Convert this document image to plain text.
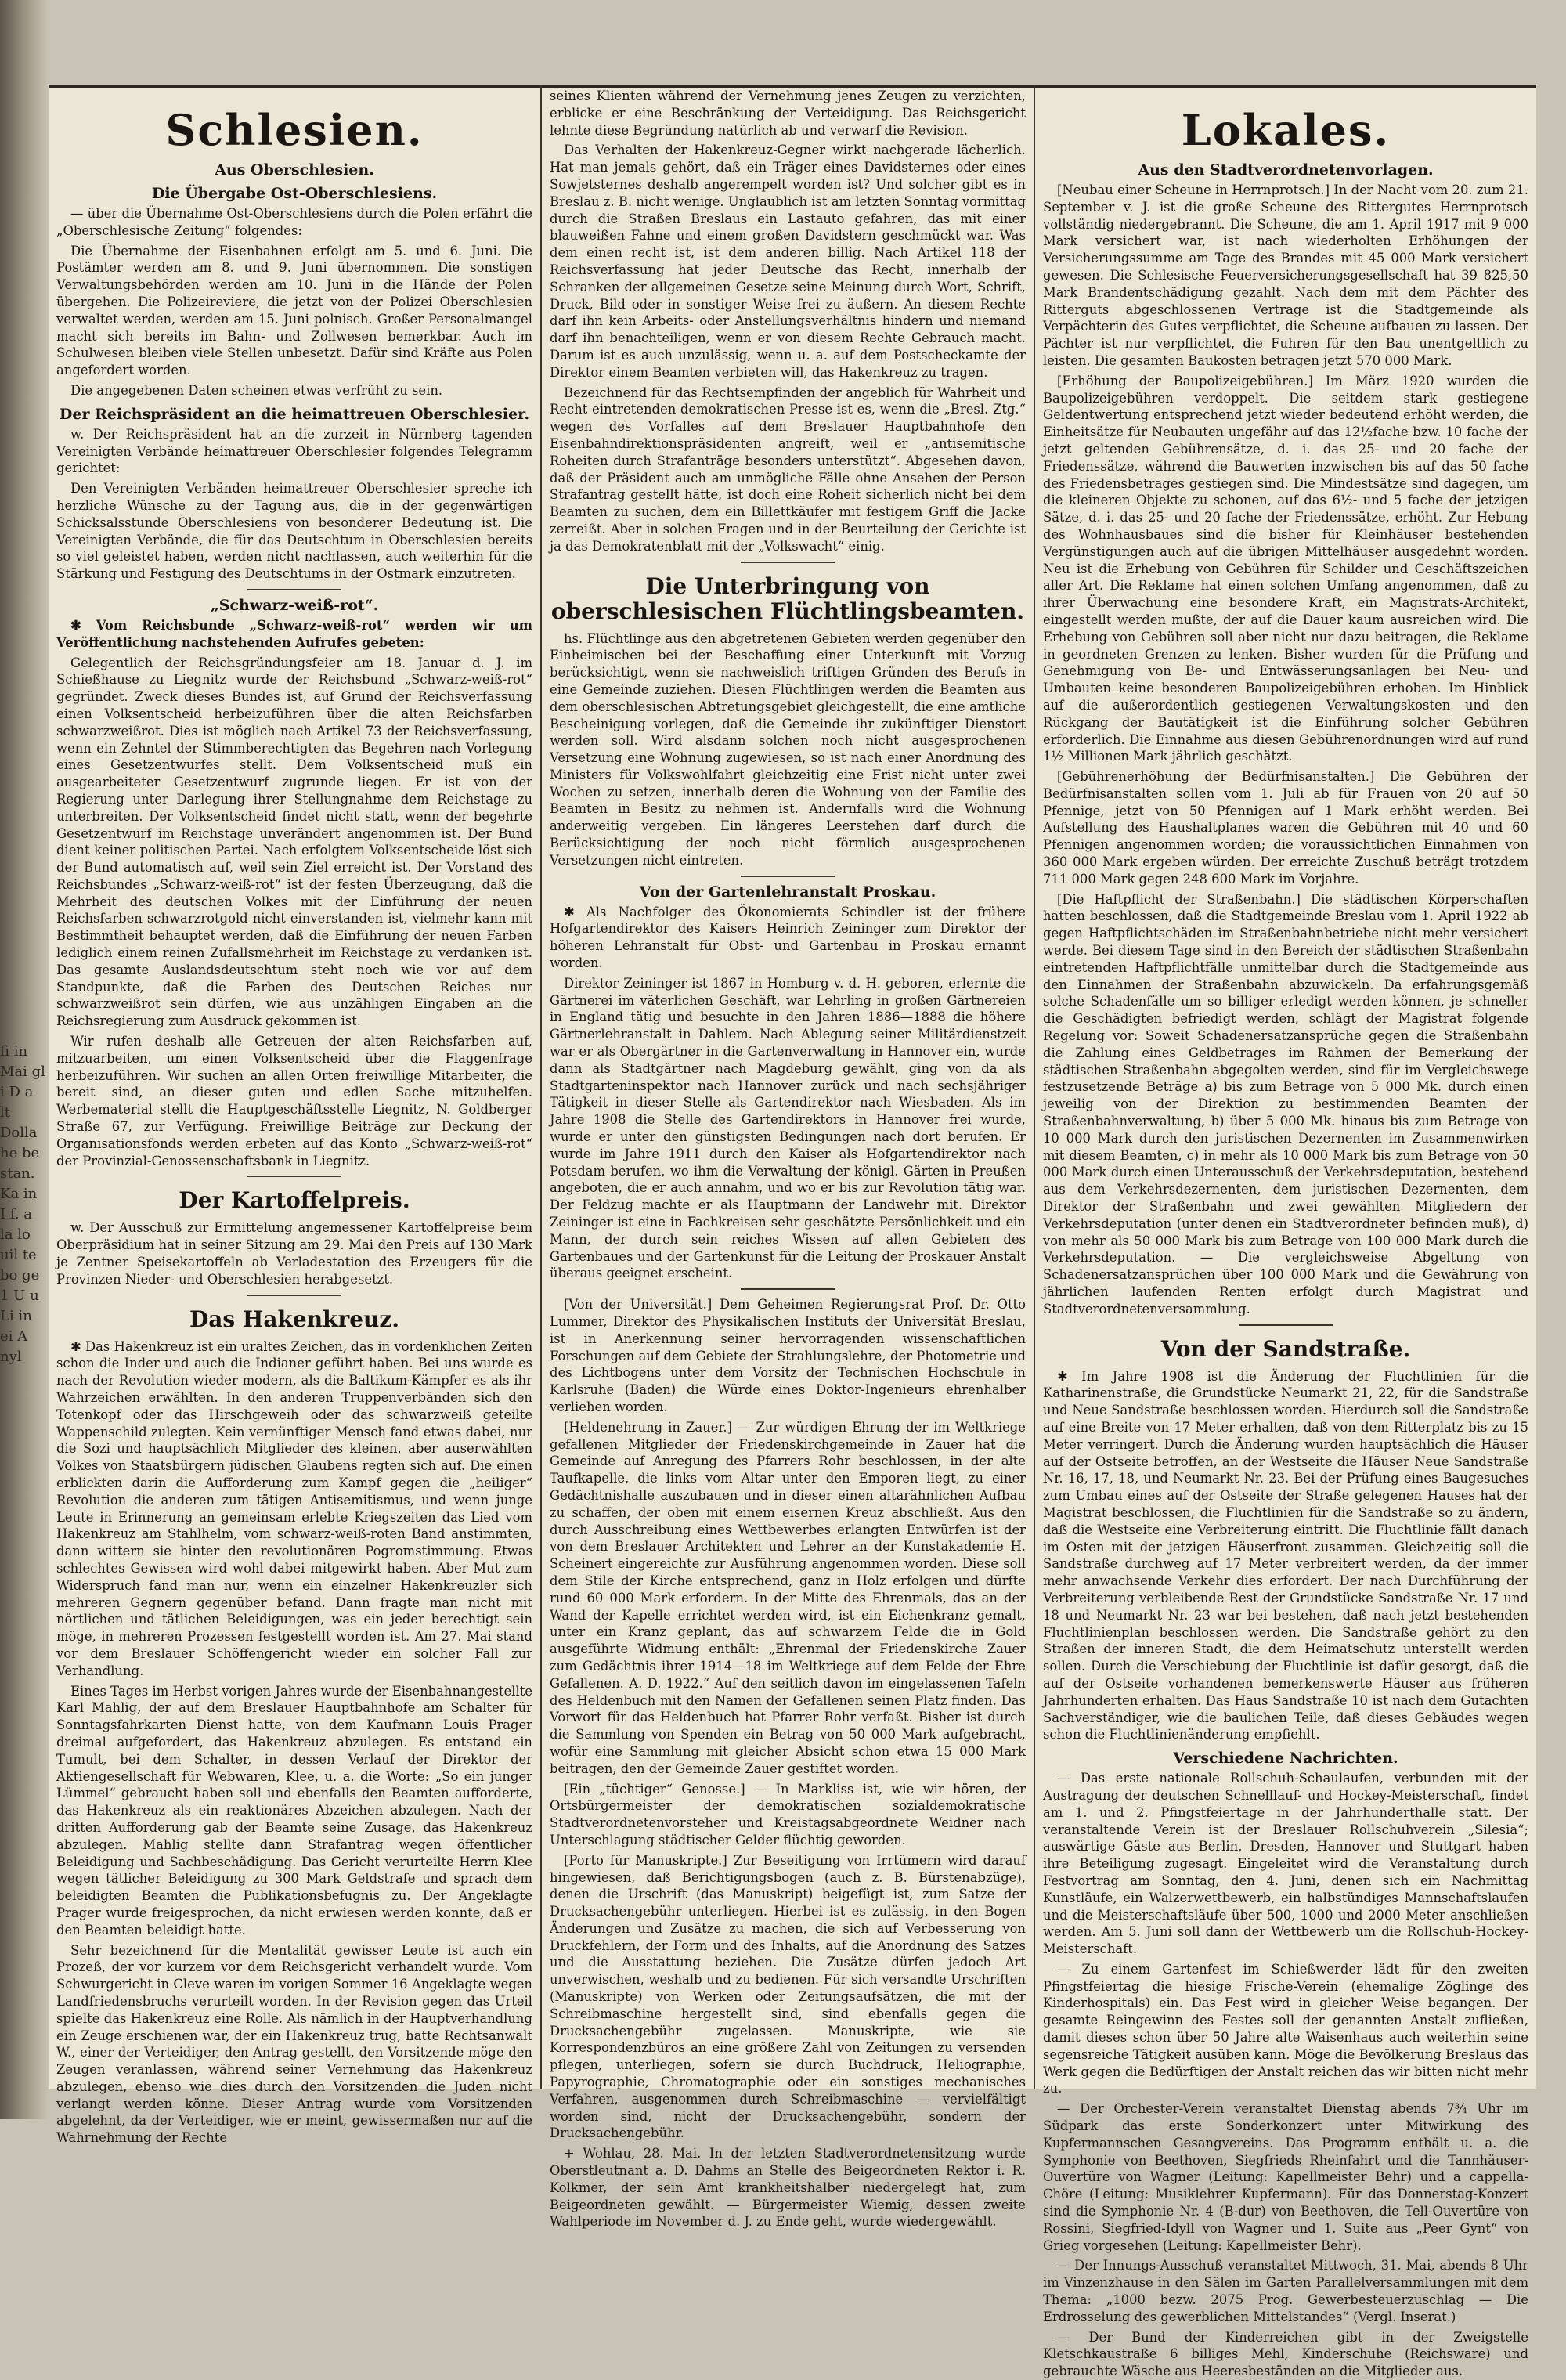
fi in Mai gl i D a lt Dolla he be stan. Ka in I f. a la lo uil te bo ge 1 U u Li in ei A nyl
Schlesien.
Aus Oberschlesien.
Die Übergabe Ost-Oberschlesiens.

— über die Übernahme Ost-Oberschlesiens durch die Polen erfährt die „Oberschlesische Zeitung“ folgendes:

Die Übernahme der Eisenbahnen erfolgt am 5. und 6. Juni. Die Postämter werden am 8. und 9. Juni übernommen. Die sonstigen Verwaltungsbehörden werden am 10. Juni in die Hände der Polen übergehen. Die Polizeireviere, die jetzt von der Polizei Oberschlesien verwaltet werden, werden am 15. Juni polnisch. Großer Personalmangel macht sich bereits im Bahn- und Zollwesen bemerkbar. Auch im Schulwesen bleiben viele Stellen unbesetzt. Dafür sind Kräfte aus Polen angefordert worden.

Die angegebenen Daten scheinen etwas verfrüht zu sein.

Der Reichspräsident an die heimattreuen Oberschlesier.

w. Der Reichspräsident hat an die zurzeit in Nürnberg tagenden Vereinigten Verbände heimattreuer Oberschlesier folgendes Telegramm gerichtet:

Den Vereinigten Verbänden heimattreuer Oberschlesier spreche ich herzliche Wünsche zu der Tagung aus, die in der gegenwärtigen Schicksalsstunde Oberschlesiens von besonderer Bedeutung ist. Die Vereinigten Verbände, die für das Deutschtum in Oberschlesien bereits so viel geleistet haben, werden nicht nachlassen, auch weiterhin für die Stärkung und Festigung des Deutschtums in der Ostmark einzutreten.

„Schwarz-weiß-rot“.

✱ Vom Reichsbunde „Schwarz-weiß-rot“ werden wir um Veröffentlichung nachstehenden Aufrufes gebeten:

Gelegentlich der Reichsgründungsfeier am 18. Januar d. J. im Schießhause zu Liegnitz wurde der Reichsbund „Schwarz-weiß-rot“ gegründet. Zweck dieses Bundes ist, auf Grund der Reichsverfassung einen Volksentscheid herbeizuführen über die alten Reichsfarben schwarzweißrot. Dies ist möglich nach Artikel 73 der Reichsverfassung, wenn ein Zehntel der Stimmberechtigten das Begehren nach Vorlegung eines Gesetzentwurfes stellt. Dem Volksentscheid muß ein ausgearbeiteter Gesetzentwurf zugrunde liegen. Er ist von der Regierung unter Darlegung ihrer Stellungnahme dem Reichstage zu unterbreiten. Der Volksentscheid findet nicht statt, wenn der begehrte Gesetzentwurf im Reichstage unverändert angenommen ist. Der Bund dient keiner politischen Partei. Nach erfolgtem Volksentscheide löst sich der Bund automatisch auf, weil sein Ziel erreicht ist. Der Vorstand des Reichsbundes „Schwarz-weiß-rot“ ist der festen Überzeugung, daß die Mehrheit des deutschen Volkes mit der Einführung der neuen Reichsfarben schwarzrotgold nicht einverstanden ist, vielmehr kann mit Bestimmtheit behauptet werden, daß die Einführung der neuen Farben lediglich einem reinen Zufallsmehrheit im Reichstage zu verdanken ist. Das gesamte Auslandsdeutschtum steht noch wie vor auf dem Standpunkte, daß die Farben des Deutschen Reiches nur schwarzweißrot sein dürfen, wie aus unzähligen Eingaben an die Reichsregierung zum Ausdruck gekommen ist.

Wir rufen deshalb alle Getreuen der alten Reichsfarben auf, mitzuarbeiten, um einen Volksentscheid über die Flaggenfrage herbeizuführen. Wir suchen an allen Orten freiwillige Mitarbeiter, die bereit sind, an dieser guten und edlen Sache mitzuhelfen. Werbematerial stellt die Hauptgeschäftsstelle Liegnitz, N. Goldberger Straße 67, zur Verfügung. Freiwillige Beiträge zur Deckung der Organisationsfonds werden erbeten auf das Konto „Schwarz-weiß-rot“ der Provinzial-Genossenschaftsbank in Liegnitz.

Der Kartoffelpreis.

w. Der Ausschuß zur Ermittelung angemessener Kartoffelpreise beim Oberpräsidium hat in seiner Sitzung am 29. Mai den Preis auf 130 Mark je Zentner Speisekartoffeln ab Verladestation des Erzeugers für die Provinzen Nieder- und Oberschlesien herabgesetzt.

Das Hakenkreuz.

✱ Das Hakenkreuz ist ein uraltes Zeichen, das in vordenklichen Zeiten schon die Inder und auch die Indianer geführt haben. Bei uns wurde es nach der Revolution wieder modern, als die Baltikum-Kämpfer es als ihr Wahrzeichen erwählten. In den anderen Truppenverbänden sich den Totenkopf oder das Hirschgeweih oder das schwarzweiß geteilte Wappenschild zulegten. Kein vernünftiger Mensch fand etwas dabei, nur die Sozi und hauptsächlich Mitglieder des kleinen, aber auserwählten Volkes von Staatsbürgern jüdischen Glaubens regten sich auf. Die einen erblickten darin die Aufforderung zum Kampf gegen die „heiliger“ Revolution die anderen zum tätigen Antisemitismus, und wenn junge Leute in Erinnerung an gemeinsam erlebte Kriegszeiten das Lied vom Hakenkreuz am Stahlhelm, vom schwarz-weiß-roten Band anstimmten, dann wittern sie hinter den revolutionären Pogromstimmung. Etwas schlechtes Gewissen wird wohl dabei mitgewirkt haben. Aber Mut zum Widerspruch fand man nur, wenn ein einzelner Hakenkreuzler sich mehreren Gegnern gegenüber befand. Dann fragte man nicht mit nörtlichen und tätlichen Beleidigungen, was ein jeder berechtigt sein möge, in mehreren Prozessen festgestellt worden ist. Am 27. Mai stand vor dem Breslauer Schöffengericht wieder ein solcher Fall zur Verhandlung.

Eines Tages im Herbst vorigen Jahres wurde der Eisenbahnangestellte Karl Mahlig, der auf dem Breslauer Hauptbahnhofe am Schalter für Sonntagsfahrkarten Dienst hatte, von dem Kaufmann Louis Prager dreimal aufgefordert, das Hakenkreuz abzulegen. Es entstand ein Tumult, bei dem Schalter, in dessen Verlauf der Direktor der Aktiengesellschaft für Webwaren, Klee, u. a. die Worte: „So ein junger Lümmel“ gebraucht haben soll und ebenfalls den Beamten aufforderte, das Hakenkreuz als ein reaktionäres Abzeichen abzulegen. Nach der dritten Aufforderung gab der Beamte seine Zusage, das Hakenkreuz abzulegen. Mahlig stellte dann Strafantrag wegen öffentlicher Beleidigung und Sachbeschädigung. Das Gericht verurteilte Herrn Klee wegen tätlicher Beleidigung zu 300 Mark Geldstrafe und sprach dem beleidigten Beamten die Publikationsbefugnis zu. Der Angeklagte Prager wurde freigesprochen, da nicht erwiesen werden konnte, daß er den Beamten beleidigt hatte.

Sehr bezeichnend für die Mentalität gewisser Leute ist auch ein Prozeß, der vor kurzem vor dem Reichsgericht verhandelt wurde. Vom Schwurgericht in Cleve waren im vorigen Sommer 16 Angeklagte wegen Landfriedensbruchs verurteilt worden. In der Revision gegen das Urteil spielte das Hakenkreuz eine Rolle. Als nämlich in der Hauptverhandlung ein Zeuge erschienen war, der ein Hakenkreuz trug, hatte Rechtsanwalt W., einer der Verteidiger, den Antrag gestellt, den Vorsitzende möge den Zeugen veranlassen, während seiner Vernehmung das Hakenkreuz abzulegen, ebenso wie dies durch den Vorsitzenden die Juden nicht verlangt werden könne. Dieser Antrag wurde vom Vorsitzenden abgelehnt, da der Verteidiger, wie er meint, gewissermaßen nur auf die Wahrnehmung der Rechte

seines Klienten während der Vernehmung jenes Zeugen zu verzichten, erblicke er eine Beschränkung der Verteidigung. Das Reichsgericht lehnte diese Begründung natürlich ab und verwarf die Revision.

Das Verhalten der Hakenkreuz-Gegner wirkt nachgerade lächerlich. Hat man jemals gehört, daß ein Träger eines Davidsternes oder eines Sowjetsternes deshalb angerempelt worden ist? Und solcher gibt es in Breslau z. B. nicht wenige. Unglaublich ist am letzten Sonntag vormittag durch die Straßen Breslaus ein Lastauto gefahren, das mit einer blauweißen Fahne und einem großen Davidstern geschmückt war. Was dem einen recht ist, ist dem anderen billig. Nach Artikel 118 der Reichsverfassung hat jeder Deutsche das Recht, innerhalb der Schranken der allgemeinen Gesetze seine Meinung durch Wort, Schrift, Druck, Bild oder in sonstiger Weise frei zu äußern. An diesem Rechte darf ihn kein Arbeits- oder Anstellungsverhältnis hindern und niemand darf ihn benachteiligen, wenn er von diesem Rechte Gebrauch macht. Darum ist es auch unzulässig, wenn u. a. auf dem Postscheckamte der Direktor einem Beamten verbieten will, das Hakenkreuz zu tragen.

Bezeichnend für das Rechtsempfinden der angeblich für Wahrheit und Recht eintretenden demokratischen Presse ist es, wenn die „Bresl. Ztg.“ wegen des Vorfalles auf dem Breslauer Hauptbahnhofe den Eisenbahndirektionspräsidenten angreift, weil er „antisemitische Roheiten durch Strafanträge besonders unterstützt“. Abgesehen davon, daß der Präsident auch am unmögliche Fälle ohne Ansehen der Person Strafantrag gestellt hätte, ist doch eine Roheit sicherlich nicht bei dem Beamten zu suchen, dem ein Billettkäufer mit festigem Griff die Jacke zerreißt. Aber in solchen Fragen und in der Beurteilung der Gerichte ist ja das Demokratenblatt mit der „Volkswacht“ einig.

Die Unterbringung von oberschlesischen Flüchtlingsbeamten.

hs. Flüchtlinge aus den abgetretenen Gebieten werden gegenüber den Einheimischen bei der Beschaffung einer Unterkunft mit Vorzug berücksichtigt, wenn sie nachweislich triftigen Gründen des Berufs in eine Gemeinde zuziehen. Diesen Flüchtlingen werden die Beamten aus dem oberschlesischen Abtretungsgebiet gleichgestellt, die eine amtliche Bescheinigung vorlegen, daß die Gemeinde ihr zukünftiger Dienstort werden soll. Wird alsdann solchen noch nicht ausgesprochenen Versetzung eine Wohnung zugewiesen, so ist nach einer Anordnung des Ministers für Volkswohlfahrt gleichzeitig eine Frist nicht unter zwei Wochen zu setzen, innerhalb deren die Wohnung von der Familie des Beamten in Besitz zu nehmen ist. Andernfalls wird die Wohnung anderweitig vergeben. Ein längeres Leerstehen darf durch die Berücksichtigung der noch nicht förmlich ausgesprochenen Versetzungen nicht eintreten.

Von der Gartenlehranstalt Proskau.

✱ Als Nachfolger des Ökonomierats Schindler ist der frühere Hofgartendirektor des Kaisers Heinrich Zeininger zum Direktor der höheren Lehranstalt für Obst- und Gartenbau in Proskau ernannt worden.

Direktor Zeininger ist 1867 in Homburg v. d. H. geboren, erlernte die Gärtnerei im väterlichen Geschäft, war Lehrling in großen Gärtnereien in England tätig und besuchte in den Jahren 1886—1888 die höhere Gärtnerlehranstalt in Dahlem. Nach Ablegung seiner Militärdienstzeit war er als Obergärtner in die Gartenverwaltung in Hannover ein, wurde dann als Stadtgärtner nach Magdeburg gewählt, ging von da als Stadtgarteninspektor nach Hannover zurück und nach sechsjähriger Tätigkeit in dieser Stelle als Gartendirektor nach Wiesbaden. Als im Jahre 1908 die Stelle des Gartendirektors in Hannover frei wurde, wurde er unter den günstigsten Bedingungen nach dort berufen. Er wurde im Jahre 1911 durch den Kaiser als Hofgartendirektor nach Potsdam berufen, wo ihm die Verwaltung der königl. Gärten in Preußen angeboten, die er auch annahm, und wo er bis zur Revolution tätig war. Der Feldzug machte er als Hauptmann der Landwehr mit. Direktor Zeininger ist eine in Fachkreisen sehr geschätzte Persönlichkeit und ein Mann, der durch sein reiches Wissen auf allen Gebieten des Gartenbaues und der Gartenkunst für die Leitung der Proskauer Anstalt überaus geeignet erscheint.

[Von der Universität.] Dem Geheimen Regierungsrat Prof. Dr. Otto Lummer, Direktor des Physikalischen Instituts der Universität Breslau, ist in Anerkennung seiner hervorragenden wissenschaftlichen Forschungen auf dem Gebiete der Strahlungslehre, der Photometrie und des Lichtbogens unter dem Vorsitz der Technischen Hochschule in Karlsruhe (Baden) die Würde eines Doktor-Ingenieurs ehrenhalber verliehen worden.

[Heldenehrung in Zauer.] — Zur würdigen Ehrung der im Weltkriege gefallenen Mitglieder der Friedenskirchgemeinde in Zauer hat die Gemeinde auf Anregung des Pfarrers Rohr beschlossen, in der alte Taufkapelle, die links vom Altar unter den Emporen liegt, zu einer Gedächtnishalle auszubauen und in dieser einen altarähnlichen Aufbau zu schaffen, der oben mit einem eisernen Kreuz abschließt. Aus den durch Ausschreibung eines Wettbewerbes erlangten Entwürfen ist der von dem Breslauer Architekten und Lehrer an der Kunstakademie H. Scheinert eingereichte zur Ausführung angenommen worden. Diese soll dem Stile der Kirche entsprechend, ganz in Holz erfolgen und dürfte rund 60 000 Mark erfordern. In der Mitte des Ehrenmals, das an der Wand der Kapelle errichtet werden wird, ist ein Eichenkranz gemalt, unter ein Kranz geplant, das auf schwarzem Felde die in Gold ausgeführte Widmung enthält: „Ehrenmal der Friedenskirche Zauer zum Gedächtnis ihrer 1914—18 im Weltkriege auf dem Felde der Ehre Gefallenen. A. D. 1922.“ Auf den seitlich davon im eingelassenen Tafeln des Heldenbuch mit den Namen der Gefallenen seinen Platz finden. Das Vorwort für das Heldenbuch hat Pfarrer Rohr verfaßt. Bisher ist durch die Sammlung von Spenden ein Betrag von 50 000 Mark aufgebracht, wofür eine Sammlung mit gleicher Absicht schon etwa 15 000 Mark beitragen, den der Gemeinde Zauer gestiftet worden.

[Ein „tüchtiger“ Genosse.] — In Markliss ist, wie wir hören, der Ortsbürgermeister der demokratischen sozialdemokratische Stadtverordnetenvorsteher und Kreistagsabgeordnete Weidner nach Unterschlagung städtischer Gelder flüchtig geworden.

[Porto für Manuskripte.] Zur Beseitigung von Irrtümern wird darauf hingewiesen, daß Berichtigungsbogen (auch z. B. Bürstenabzüge), denen die Urschrift (das Manuskript) beigefügt ist, zum Satze der Drucksachengebühr unterliegen. Hierbei ist es zulässig, in den Bogen Änderungen und Zusätze zu machen, die sich auf Verbesserung von Druckfehlern, der Form und des Inhalts, auf die Anordnung des Satzes und die Ausstattung beziehen. Die Zusätze dürfen jedoch Art unverwischen, weshalb und zu bedienen. Für sich versandte Urschriften (Manuskripte) von Werken oder Zeitungsaufsätzen, die mit der Schreibmaschine hergestellt sind, sind ebenfalls gegen die Drucksachengebühr zugelassen. Manuskripte, wie sie Korrespondenzbüros an eine größere Zahl von Zeitungen zu versenden pflegen, unterliegen, sofern sie durch Buchdruck, Heliographie, Papyrographie, Chromatographie oder ein sonstiges mechanisches Verfahren, ausgenommen durch Schreibmaschine — vervielfältigt worden sind, nicht der Drucksachengebühr, sondern der Drucksachengebühr.

+ Wohlau, 28. Mai. In der letzten Stadtverordnetensitzung wurde Oberstleutnant a. D. Dahms an Stelle des Beigeordneten Rektor i. R. Kolkmer, der sein Amt krankheitshalber niedergelegt hat, zum Beigeordneten gewählt. — Bürgermeister Wiemig, dessen zweite Wahlperiode im November d. J. zu Ende geht, wurde wiedergewählt.

Lokales.
Aus den Stadtverordnetenvorlagen.

[Neubau einer Scheune in Herrnprotsch.] In der Nacht vom 20. zum 21. September v. J. ist die große Scheune des Rittergutes Herrnprotsch vollständig niedergebrannt. Die Scheune, die am 1. April 1917 mit 9 000 Mark versichert war, ist nach wiederholten Erhöhungen der Versicherungssumme am Tage des Brandes mit 45 000 Mark versichert gewesen. Die Schlesische Feuerversicherungsgesellschaft hat 39 825,50 Mark Brandentschädigung gezahlt. Nach dem mit dem Pächter des Ritterguts abgeschlossenen Vertrage ist die Stadtgemeinde als Verpächterin des Gutes verpflichtet, die Scheune aufbauen zu lassen. Der Pächter ist nur verpflichtet, die Fuhren für den Bau unentgeltlich zu leisten. Die gesamten Baukosten betragen jetzt 570 000 Mark.

[Erhöhung der Baupolizeigebühren.] Im März 1920 wurden die Baupolizeigebühren verdoppelt. Die seitdem stark gestiegene Geldentwertung entsprechend jetzt wieder bedeutend erhöht werden, die Einheitsätze für Neubauten ungefähr auf das 12½fache bzw. 10 fache der jetzt geltenden Gebührensätze, d. i. das 25- und 20 fache der Friedenssätze, während die Bauwerten inzwischen bis auf das 50 fache des Friedensbetrages gestiegen sind. Die Mindestsätze sind dagegen, um die kleineren Objekte zu schonen, auf das 6½- und 5 fache der jetzigen Sätze, d. i. das 25- und 20 fache der Friedenssätze, erhöht. Zur Hebung des Wohnhausbaues sind die bisher für Kleinhäuser bestehenden Vergünstigungen auch auf die übrigen Mittelhäuser ausgedehnt worden. Neu ist die Erhebung von Gebühren für Schilder und Geschäftszeichen aller Art. Die Reklame hat einen solchen Umfang angenommen, daß zu ihrer Überwachung eine besondere Kraft, ein Magistrats-Architekt, eingestellt werden mußte, der auf die Dauer kaum ausreichen wird. Die Erhebung von Gebühren soll aber nicht nur dazu beitragen, die Reklame in geordneten Grenzen zu lenken. Bisher wurden für die Prüfung und Genehmigung von Be- und Entwässerungsanlagen bei Neu- und Umbauten keine besonderen Baupolizeigebühren erhoben. Im Hinblick auf die außerordentlich gestiegenen Verwaltungskosten und den Rückgang der Bautätigkeit ist die Einführung solcher Gebühren erforderlich. Die Einnahme aus diesen Gebührenordnungen wird auf rund 1½ Millionen Mark jährlich geschätzt.

[Gebührenerhöhung der Bedürfnisanstalten.] Die Gebühren der Bedürfnisanstalten sollen vom 1. Juli ab für Frauen von 20 auf 50 Pfennige, jetzt von 50 Pfennigen auf 1 Mark erhöht werden. Bei Aufstellung des Haushaltplanes waren die Gebühren mit 40 und 60 Pfennigen angenommen worden; die voraussichtlichen Einnahmen von 360 000 Mark ergeben würden. Der erreichte Zuschuß beträgt trotzdem 711 000 Mark gegen 248 600 Mark im Vorjahre.

[Die Haftpflicht der Straßenbahn.] Die städtischen Körperschaften hatten beschlossen, daß die Stadtgemeinde Breslau vom 1. April 1922 ab gegen Haftpflichtschäden im Straßenbahnbetriebe nicht mehr versichert werde. Bei diesem Tage sind in den Bereich der städtischen Straßenbahn eintretenden Haftpflichtfälle unmittelbar durch die Stadtgemeinde aus den Einnahmen der Straßenbahn abzuwickeln. Da erfahrungsgemäß solche Schadenfälle um so billiger erledigt werden können, je schneller die Geschädigten befriedigt werden, schlägt der Magistrat folgende Regelung vor: Soweit Schadenersatzansprüche gegen die Straßenbahn die Zahlung eines Geldbetrages im Rahmen der Bemerkung der städtischen Straßenbahn abgegolten werden, sind für im Vergleichswege festzusetzende Beträge a) bis zum Betrage von 5 000 Mk. durch einen jeweilig von der Direktion zu bestimmenden Beamten der Straßenbahnverwaltung, b) über 5 000 Mk. hinaus bis zum Betrage von 10 000 Mark durch den juristischen Dezernenten im Zusammenwirken mit diesem Beamten, c) in mehr als 10 000 Mark bis zum Betrage von 50 000 Mark durch einen Unterausschuß der Verkehrsdeputation, bestehend aus dem Verkehrsdezernenten, dem juristischen Dezernenten, dem Direktor der Straßenbahn und zwei gewählten Mitgliedern der Verkehrsdeputation (unter denen ein Stadtverordneter befinden muß), d) von mehr als 50 000 Mark bis zum Betrage von 100 000 Mark durch die Verkehrsdeputation. — Die vergleichsweise Abgeltung von Schadenersatzansprüchen über 100 000 Mark und die Gewährung von jährlichen laufenden Renten erfolgt durch Magistrat und Stadtverordnetenversammlung.

Von der Sandstraße.

✱ Im Jahre 1908 ist die Änderung der Fluchtlinien für die Katharinenstraße, die Grundstücke Neumarkt 21, 22, für die Sandstraße und Neue Sandstraße beschlossen worden. Hierdurch soll die Sandstraße auf eine Breite von 17 Meter erhalten, daß von dem Ritterplatz bis zu 15 Meter verringert. Durch die Änderung wurden hauptsächlich die Häuser auf der Ostseite betroffen, an der Westseite die Häuser Neue Sandstraße Nr. 16, 17, 18, und Neumarkt Nr. 23. Bei der Prüfung eines Baugesuches zum Umbau eines auf der Ostseite der Straße gelegenen Hauses hat der Magistrat beschlossen, die Fluchtlinien für die Sandstraße so zu ändern, daß die Westseite eine Verbreiterung eintritt. Die Fluchtlinie fällt danach im Osten mit der jetzigen Häuserfront zusammen. Gleichzeitig soll die Sandstraße durchweg auf 17 Meter verbreitert werden, da der immer mehr anwachsende Verkehr dies erfordert. Der nach Durchführung der Verbreiterung verbleibende Rest der Grundstücke Sandstraße Nr. 17 und 18 und Neumarkt Nr. 23 war bei bestehen, daß nach jetzt bestehenden Fluchtlinienplan beschlossen werden. Die Sandstraße gehört zu den Straßen der inneren Stadt, die dem Heimatschutz unterstellt werden sollen. Durch die Verschiebung der Fluchtlinie ist dafür gesorgt, daß die auf der Ostseite vorhandenen bemerkenswerte Häuser aus früheren Jahrhunderten erhalten. Das Haus Sandstraße 10 ist nach dem Gutachten Sachverständiger, wie die baulichen Teile, daß dieses Gebäudes wegen schon die Fluchtlinienänderung empfiehlt.

Verschiedene Nachrichten.

— Das erste nationale Rollschuh-Schaulaufen, verbunden mit der Austragung der deutschen Schnelllauf- und Hockey-Meisterschaft, findet am 1. und 2. Pfingstfeiertage in der Jahrhunderthalle statt. Der veranstaltende Verein ist der Breslauer Rollschuhverein „Silesia“; auswärtige Gäste aus Berlin, Dresden, Hannover und Stuttgart haben ihre Beteiligung zugesagt. Eingeleitet wird die Veranstaltung durch Festvortrag am Sonntag, den 4. Juni, denen sich ein Nachmittag Kunstläufe, ein Walzerwettbewerb, ein halbstündiges Mannschaftslaufen und die Meisterschaftsläufe über 500, 1000 und 2000 Meter anschließen werden. Am 5. Juni soll dann der Wettbewerb um die Rollschuh-Hockey-Meisterschaft.

— Zu einem Gartenfest im Schießwerder lädt für den zweiten Pfingstfeiertag die hiesige Frische-Verein (ehemalige Zöglinge des Kinderhospitals) ein. Das Fest wird in gleicher Weise begangen. Der gesamte Reingewinn des Festes soll der genannten Anstalt zufließen, damit dieses schon über 50 Jahre alte Waisenhaus auch weiterhin seine segensreiche Tätigkeit ausüben kann. Möge die Bevölkerung Breslaus das Werk gegen die Bedürftigen der Anstalt reichen das wir bitten nicht mehr zu.

— Der Orchester-Verein veranstaltet Dienstag abends 7¾ Uhr im Südpark das erste Sonderkonzert unter Mitwirkung des Kupfermannschen Gesangvereins. Das Programm enthält u. a. die Symphonie von Beethoven, Siegfrieds Rheinfahrt und die Tannhäuser-Ouvertüre von Wagner (Leitung: Kapellmeister Behr) und a cappella-Chöre (Leitung: Musiklehrer Kupfermann). Für das Donnerstag-Konzert sind die Symphonie Nr. 4 (B-dur) von Beethoven, die Tell-Ouvertüre von Rossini, Siegfried-Idyll von Wagner und 1. Suite aus „Peer Gynt“ von Grieg vorgesehen (Leitung: Kapellmeister Behr).

— Der Innungs-Ausschuß veranstaltet Mittwoch, 31. Mai, abends 8 Uhr im Vinzenzhause in den Sälen im Garten Parallelversammlungen mit dem Thema: „1000 bezw. 2075 Prog. Gewerbesteuerzuschlag — Die Erdrosselung des gewerblichen Mittelstandes“ (Vergl. Inserat.)

— Der Bund der Kinderreichen gibt in der Zweigstelle Kletschkaustraße 6 billiges Mehl, Kinderschuhe (Reichsware) und gebrauchte Wäsche aus Heeresbeständen an die Mitglieder aus.
